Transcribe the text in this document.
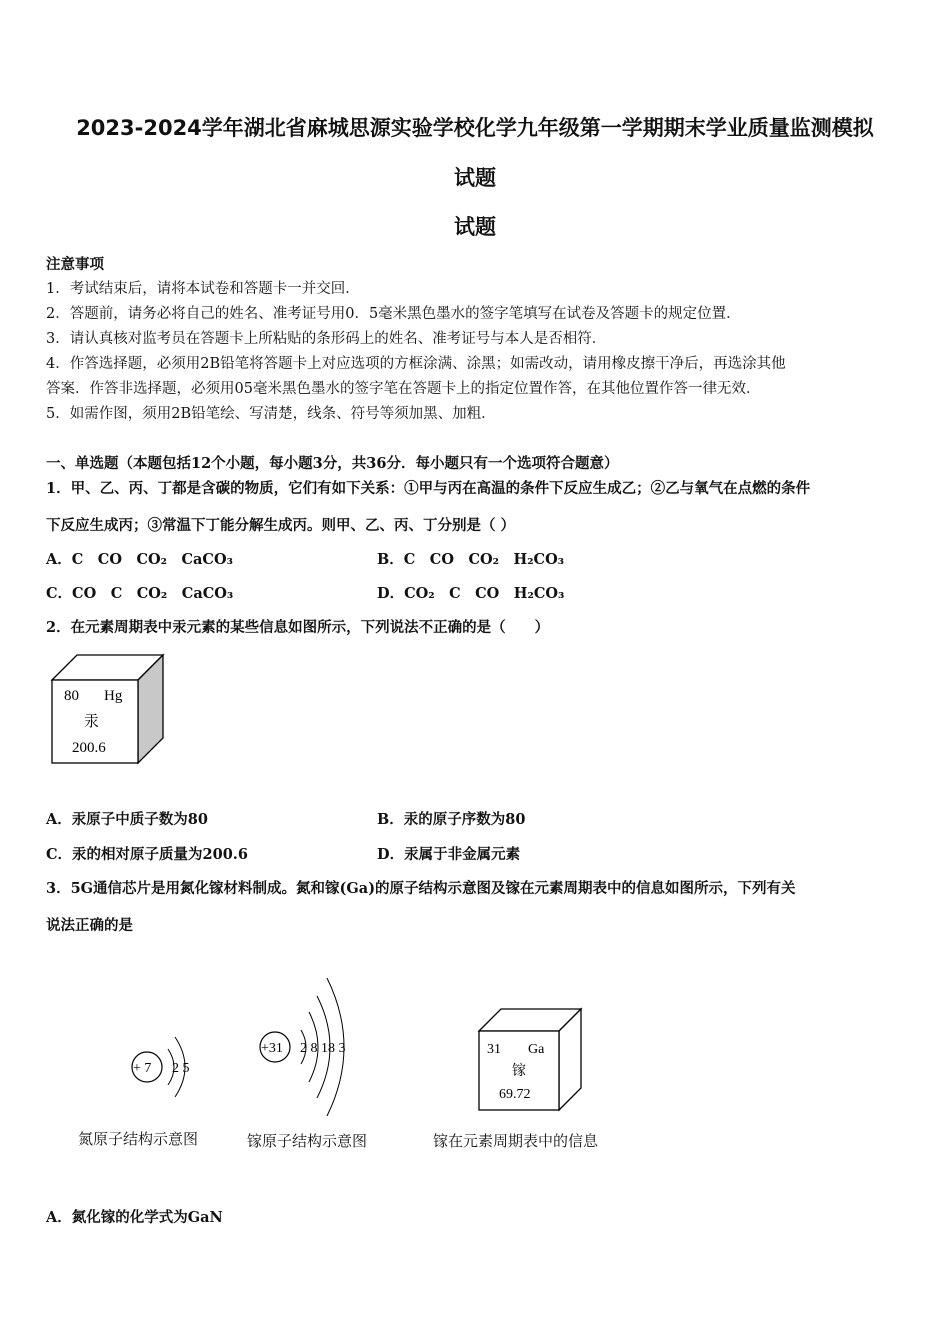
2023-2024学年湖北省麻城思源实验学校化学九年级第一学期期末学业质量监测模拟
试题
试题
注意事项
1．考试结束后，请将本试卷和答题卡一并交回．
2．答题前，请务必将自己的姓名、准考证号用0．5毫米黑色墨水的签字笔填写在试卷及答题卡的规定位置．
3．请认真核对监考员在答题卡上所粘贴的条形码上的姓名、准考证号与本人是否相符．
4．作答选择题，必须用2B铅笔将答题卡上对应选项的方框涂满、涂黑；如需改动，请用橡皮擦干净后，再选涂其他
答案．作答非选择题，必须用05毫米黑色墨水的签字笔在答题卡上的指定位置作答，在其他位置作答一律无效．
5．如需作图，须用2B铅笔绘、写清楚，线条、符号等须加黑、加粗．
一、单选题（本题包括12个小题，每小题3分，共36分．每小题只有一个选项符合题意）
1．甲、乙、丙、丁都是含碳的物质，它们有如下关系：①甲与丙在高温的条件下反应生成乙；②乙与氧气在点燃的条件
下反应生成丙；③常温下丁能分解生成丙。则甲、乙、丙、丁分别是（ ）
A．C　CO　CO₂　CaCO₃	B．C　CO　CO₂　H₂CO₃
C．CO　C　CO₂　CaCO₃	D．CO₂　C　CO　H₂CO₃
2．在元素周期表中汞元素的某些信息如图所示，下列说法不正确的是（　　）
80 Hg
汞
200.6
A．汞原子中质子数为80	B．汞的原子序数为80
C．汞的相对原子质量为200.6	D．汞属于非金属元素
3．5G通信芯片是用氮化镓材料制成。氮和镓(Ga)的原子结构示意图及镓在元素周期表中的信息如图所示，下列有关
说法正确的是
+ 7 2 5
氮原子结构示意图
+31 2 8 18 3
镓原子结构示意图
31 Ga
镓
69.72
镓在元素周期表中的信息
A．氮化镓的化学式为GaN
